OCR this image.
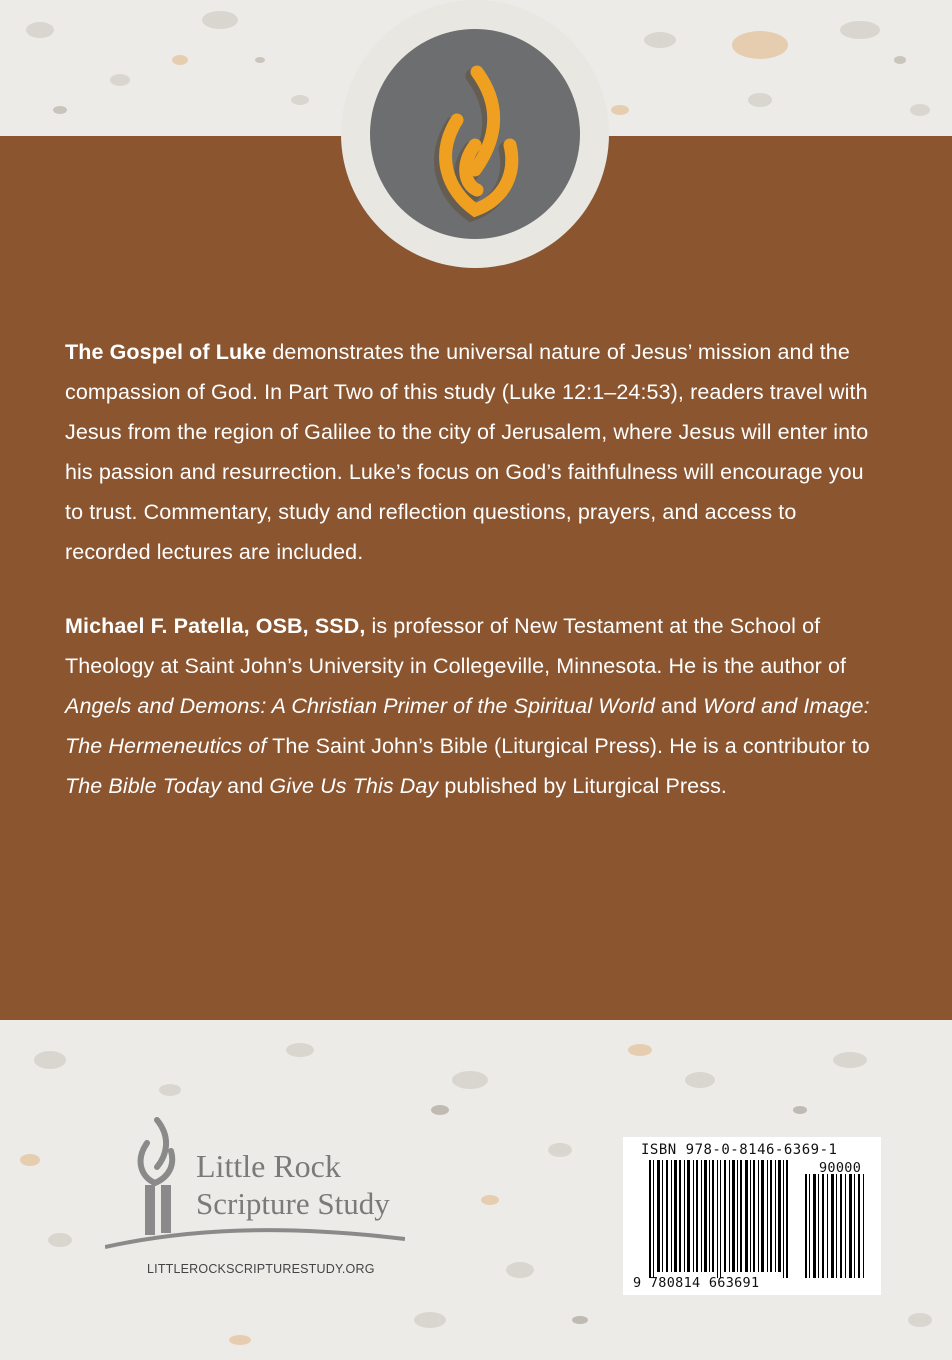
The Gospel of Luke demonstrates the universal nature of Jesus’ mission and the compassion of God. In Part Two of this study (Luke 12:1–24:53), readers travel with Jesus from the region of Galilee to the city of Jerusalem, where Jesus will enter into his passion and resurrection. Luke’s focus on God’s faithfulness will encourage you to trust. Commentary, study and reflection questions, prayers, and access to recorded lectures are included.

Michael F. Patella, OSB, SSD, is professor of New Testament at the School of Theology at Saint John’s University in Collegeville, Minnesota. He is the author of Angels and Demons: A Christian Primer of the Spiritual World and Word and Image: The Hermeneutics of The Saint John’s Bible (Liturgical Press). He is a contributor to The Bible Today and Give Us This Day published by Liturgical Press.

Little Rock
Scripture Study
LITTLEROCKSCRIPTURESTUDY.ORG
ISBN 978-0-8146-6369-1
90000
9 780814 663691
